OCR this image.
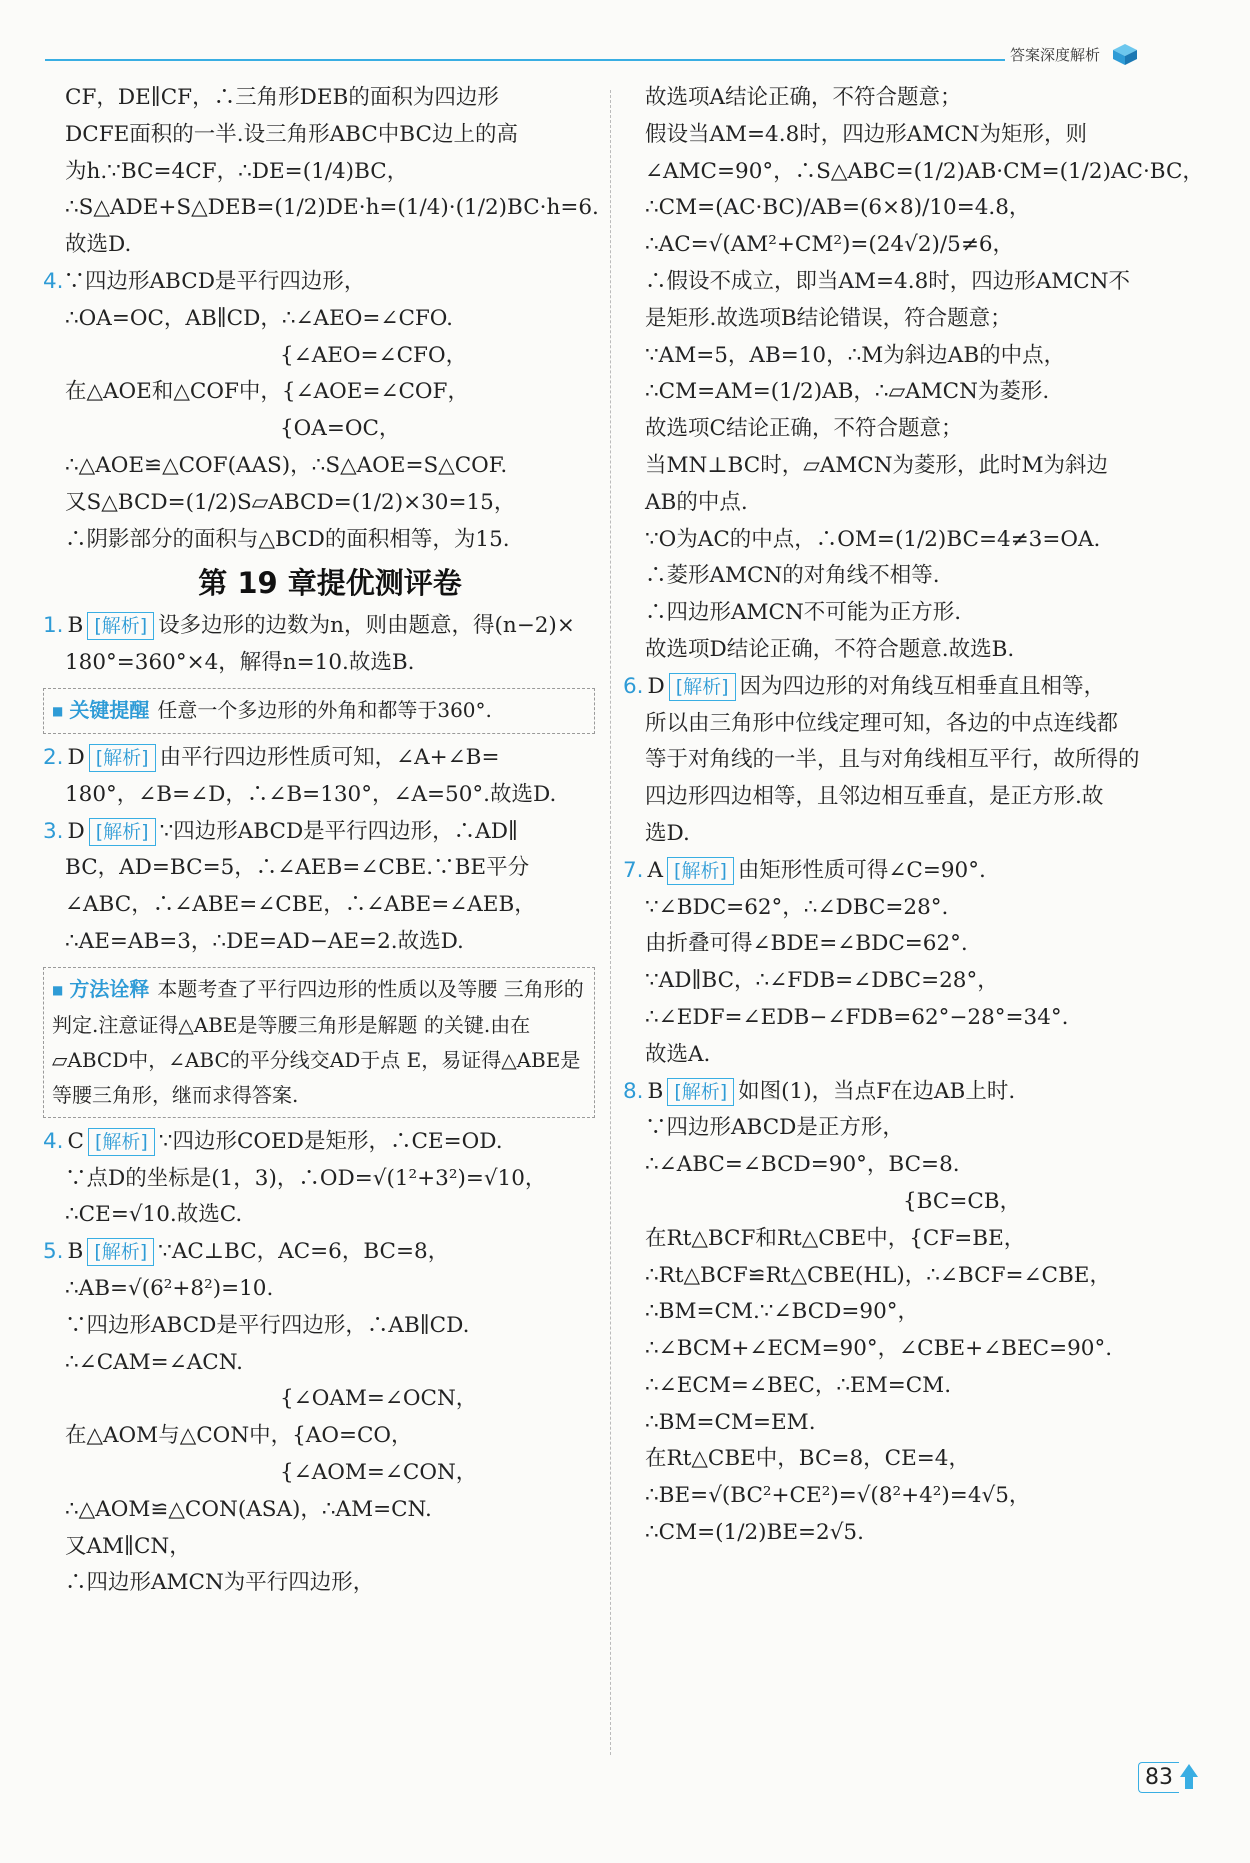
答案深度解析
CF，DE∥CF，∴三角形DEB的面积为四边形
DCFE面积的一半.设三角形ABC中BC边上的高
为h.∵BC=4CF，∴DE=(1/4)BC，
∴S△ADE+S△DEB=(1/2)DE·h=(1/4)·(1/2)BC·h=6.
故选D.
4.∵四边形ABCD是平行四边形，
∴OA=OC，AB∥CD，∴∠AEO=∠CFO.
　　　　　　　　　　{∠AEO=∠CFO，
在△AOE和△COF中，{∠AOE=∠COF，
　　　　　　　　　　{OA=OC，
∴△AOE≌△COF(AAS)，∴S△AOE=S△COF.
又S△BCD=(1/2)S▱ABCD=(1/2)×30=15，
∴阴影部分的面积与△BCD的面积相等，为15.
第 19 章提优测评卷
1. B [解析] 设多边形的边数为n，则由题意，得(n−2)×
180°=360°×4，解得n=10.故选B.
■ 关键提醒 任意一个多边形的外角和都等于360°.
2. D [解析] 由平行四边形性质可知，∠A+∠B=
180°，∠B=∠D，∴∠B=130°，∠A=50°.故选D.
3. D [解析] ∵四边形ABCD是平行四边形，∴AD∥
BC，AD=BC=5，∴∠AEB=∠CBE.∵BE平分
∠ABC，∴∠ABE=∠CBE，∴∠ABE=∠AEB，
∴AE=AB=3，∴DE=AD−AE=2.故选D.
■ 方法诠释 本题考查了平行四边形的性质以及等腰 三角形的判定.注意证得△ABE是等腰三角形是解题 的关键.由在▱ABCD中，∠ABC的平分线交AD于点 E，易证得△ABE是等腰三角形，继而求得答案.
4. C [解析] ∵四边形COED是矩形，∴CE=OD.
∵点D的坐标是(1，3)，∴OD=√(1²+3²)=√10，
∴CE=√10.故选C.
5. B [解析] ∵AC⊥BC，AC=6，BC=8，
∴AB=√(6²+8²)=10.
∵四边形ABCD是平行四边形，∴AB∥CD.
∴∠CAM=∠ACN.
　　　　　　　　　　{∠OAM=∠OCN，
在△AOM与△CON中，{AO=CO，
　　　　　　　　　　{∠AOM=∠CON，
∴△AOM≌△CON(ASA)，∴AM=CN.
又AM∥CN，
∴四边形AMCN为平行四边形，
故选项A结论正确，不符合题意；
假设当AM=4.8时，四边形AMCN为矩形，则
∠AMC=90°，∴S△ABC=(1/2)AB·CM=(1/2)AC·BC，
∴CM=(AC·BC)/AB=(6×8)/10=4.8，
∴AC=√(AM²+CM²)=(24√2)/5≠6，
∴假设不成立，即当AM=4.8时，四边形AMCN不
是矩形.故选项B结论错误，符合题意；
∵AM=5，AB=10，∴M为斜边AB的中点，
∴CM=AM=(1/2)AB，∴▱AMCN为菱形.
故选项C结论正确，不符合题意；
当MN⊥BC时，▱AMCN为菱形，此时M为斜边
AB的中点.
∵O为AC的中点，∴OM=(1/2)BC=4≠3=OA.
∴菱形AMCN的对角线不相等.
∴四边形AMCN不可能为正方形.
故选项D结论正确，不符合题意.故选B.
6. D [解析] 因为四边形的对角线互相垂直且相等，
所以由三角形中位线定理可知，各边的中点连线都
等于对角线的一半，且与对角线相互平行，故所得的
四边形四边相等，且邻边相互垂直，是正方形.故
选D.
7. A [解析] 由矩形性质可得∠C=90°.
∵∠BDC=62°，∴∠DBC=28°.
由折叠可得∠BDE=∠BDC=62°.
∵AD∥BC，∴∠FDB=∠DBC=28°，
∴∠EDF=∠EDB−∠FDB=62°−28°=34°.
故选A.
8. B [解析] 如图(1)，当点F在边AB上时.
∵四边形ABCD是正方形，
∴∠ABC=∠BCD=90°，BC=8.
　　　　　　　　　　　　{BC=CB，
在Rt△BCF和Rt△CBE中，{CF=BE，
∴Rt△BCF≌Rt△CBE(HL)，∴∠BCF=∠CBE，
∴BM=CM.∵∠BCD=90°，
∴∠BCM+∠ECM=90°，∠CBE+∠BEC=90°.
∴∠ECM=∠BEC，∴EM=CM.
∴BM=CM=EM.
在Rt△CBE中，BC=8，CE=4，
∴BE=√(BC²+CE²)=√(8²+4²)=4√5，
∴CM=(1/2)BE=2√5.
83
